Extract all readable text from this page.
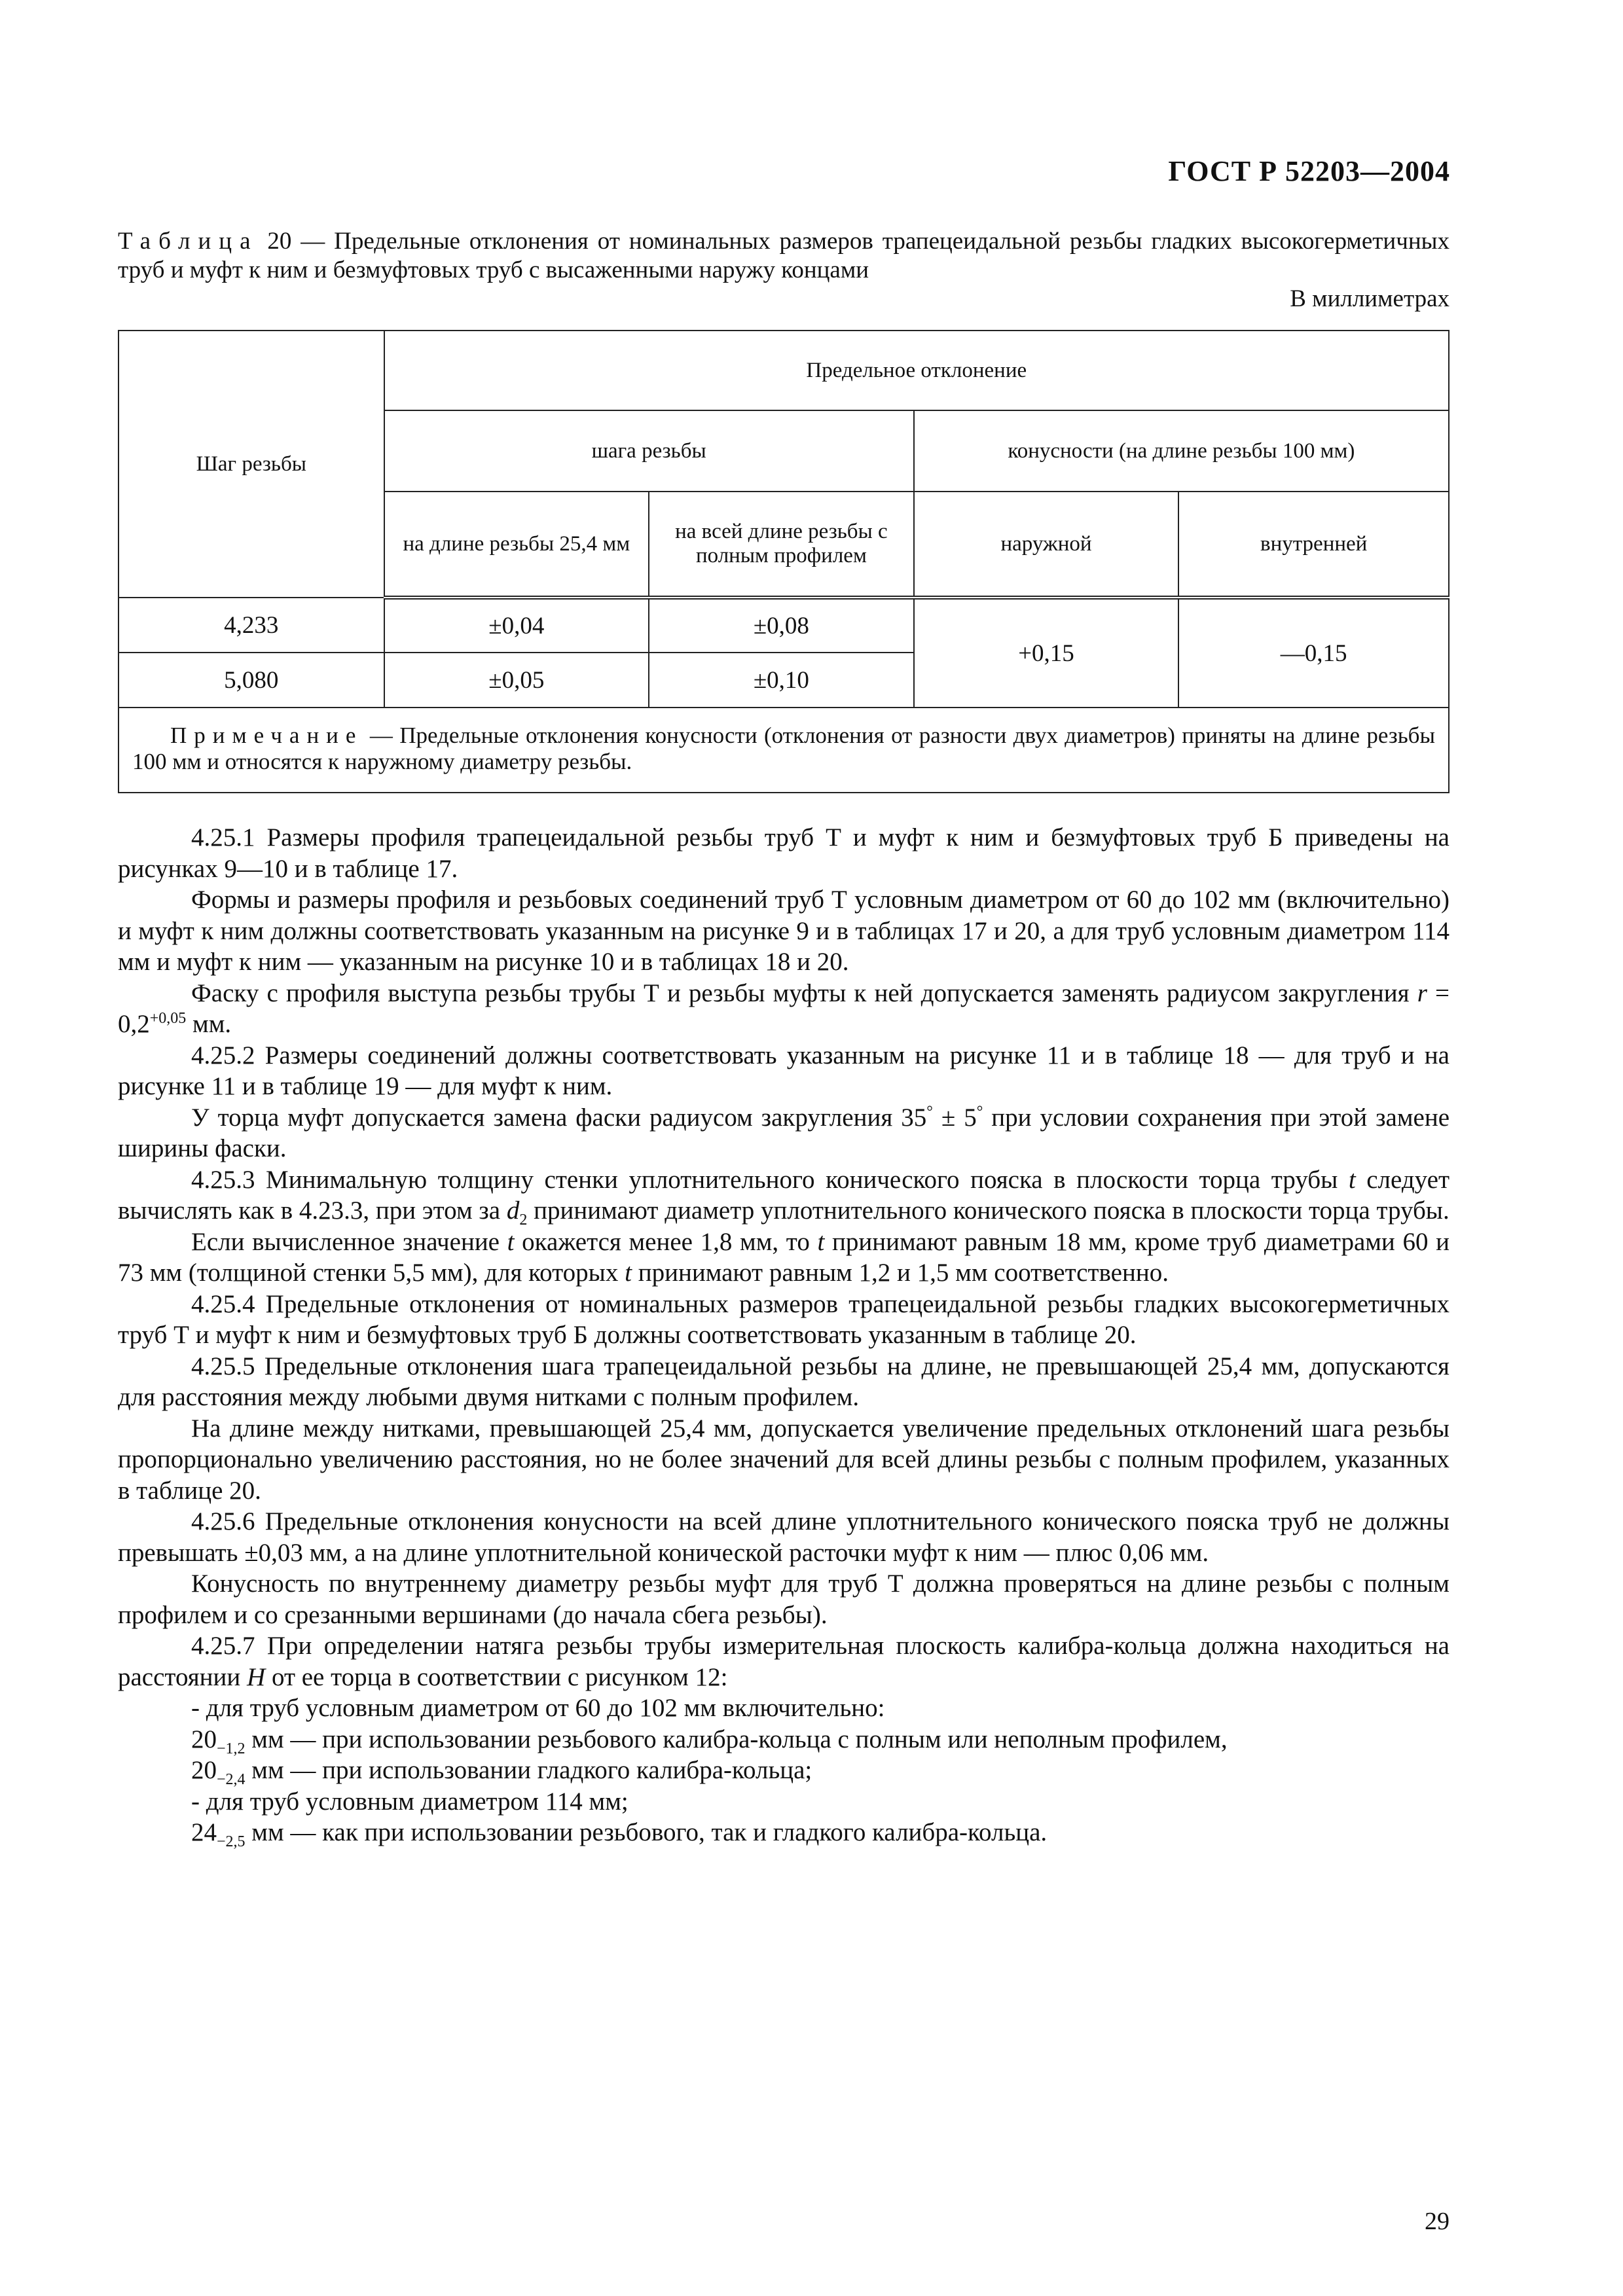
ГОСТ Р 52203—2004
Таблица 20 — Предельные отклонения от номинальных размеров трапецеидальной резьбы гладких высокогерметичных труб и муфт к ним и безмуфтовых труб с высаженными наружу концами
В миллиметрах
Шаг резьбы	Предельное отклонение			
	шага резьбы		конусности (на длине резьбы 100 мм)	
	на длине резьбы 25,4 мм	на всей длине резьбы с полным профилем	наружной	внутренней
4,233	±0,04	±0,08	+0,15	—0,15
5,080	±0,05	±0,10		
Примечание — Предельные отклонения конусности (отклонения от разности двух диаметров) приняты на длине резьбы 100 мм и относятся к наружному диаметру резьбы.				

4.25.1 Размеры профиля трапецеидальной резьбы труб Т и муфт к ним и безмуфтовых труб Б приведены на рисунках 9—10 и в таблице 17.

Формы и размеры профиля и резьбовых соединений труб Т условным диаметром от 60 до 102 мм (включительно) и муфт к ним должны соответствовать указанным на рисунке 9 и в таблицах 17 и 20, а для труб условным диаметром 114 мм и муфт к ним — указанным на рисунке 10 и в таблицах 18 и 20.

Фаску с профиля выступа резьбы трубы Т и резьбы муфты к ней допускается заменять радиусом закругления $r = 0,2^{+0,05}$ мм.

4.25.2 Размеры соединений должны соответствовать указанным на рисунке 11 и в таблице 18 — для труб и на рисунке 11 и в таблице 19 — для муфт к ним.

У торца муфт допускается замена фаски радиусом закругления 35° ± 5° при условии сохранения при этой замене ширины фаски.

4.25.3 Минимальную толщину стенки уплотнительного конического пояска в плоскости торца трубы t следует вычислять как в 4.23.3, при этом за $d_2$ принимают диаметр уплотнительного конического пояска в плоскости торца трубы.

Если вычисленное значение t окажется менее 1,8 мм, то t принимают равным 18 мм, кроме труб диаметрами 60 и 73 мм (толщиной стенки 5,5 мм), для которых t принимают равным 1,2 и 1,5 мм соответственно.

4.25.4 Предельные отклонения от номинальных размеров трапецеидальной резьбы гладких высокогерметичных труб Т и муфт к ним и безмуфтовых труб Б должны соответствовать указанным в таблице 20.

4.25.5 Предельные отклонения шага трапецеидальной резьбы на длине, не превышающей 25,4 мм, допускаются для расстояния между любыми двумя нитками с полным профилем.

На длине между нитками, превышающей 25,4 мм, допускается увеличение предельных отклонений шага резьбы пропорционально увеличению расстояния, но не более значений для всей длины резьбы с полным профилем, указанных в таблице 20.

4.25.6 Предельные отклонения конусности на всей длине уплотнительного конического пояска труб не должны превышать ±0,03 мм, а на длине уплотнительной конической расточки муфт к ним — плюс 0,06 мм.

Конусность по внутреннему диаметру резьбы муфт для труб Т должна проверяться на длине резьбы с полным профилем и со срезанными вершинами (до начала сбега резьбы).

4.25.7 При определении натяга резьбы трубы измерительная плоскость калибра-кольца должна находиться на расстоянии H от ее торца в соответствии с рисунком 12:

- для труб условным диаметром от 60 до 102 мм включительно:

$20_{-1,2}$ мм — при использовании резьбового калибра-кольца с полным или неполным профилем,

$20_{-2,4}$ мм — при использовании гладкого калибра-кольца;

- для труб условным диаметром 114 мм;

$24_{-2,5}$ мм — как при использовании резьбового, так и гладкого калибра-кольца.

29
